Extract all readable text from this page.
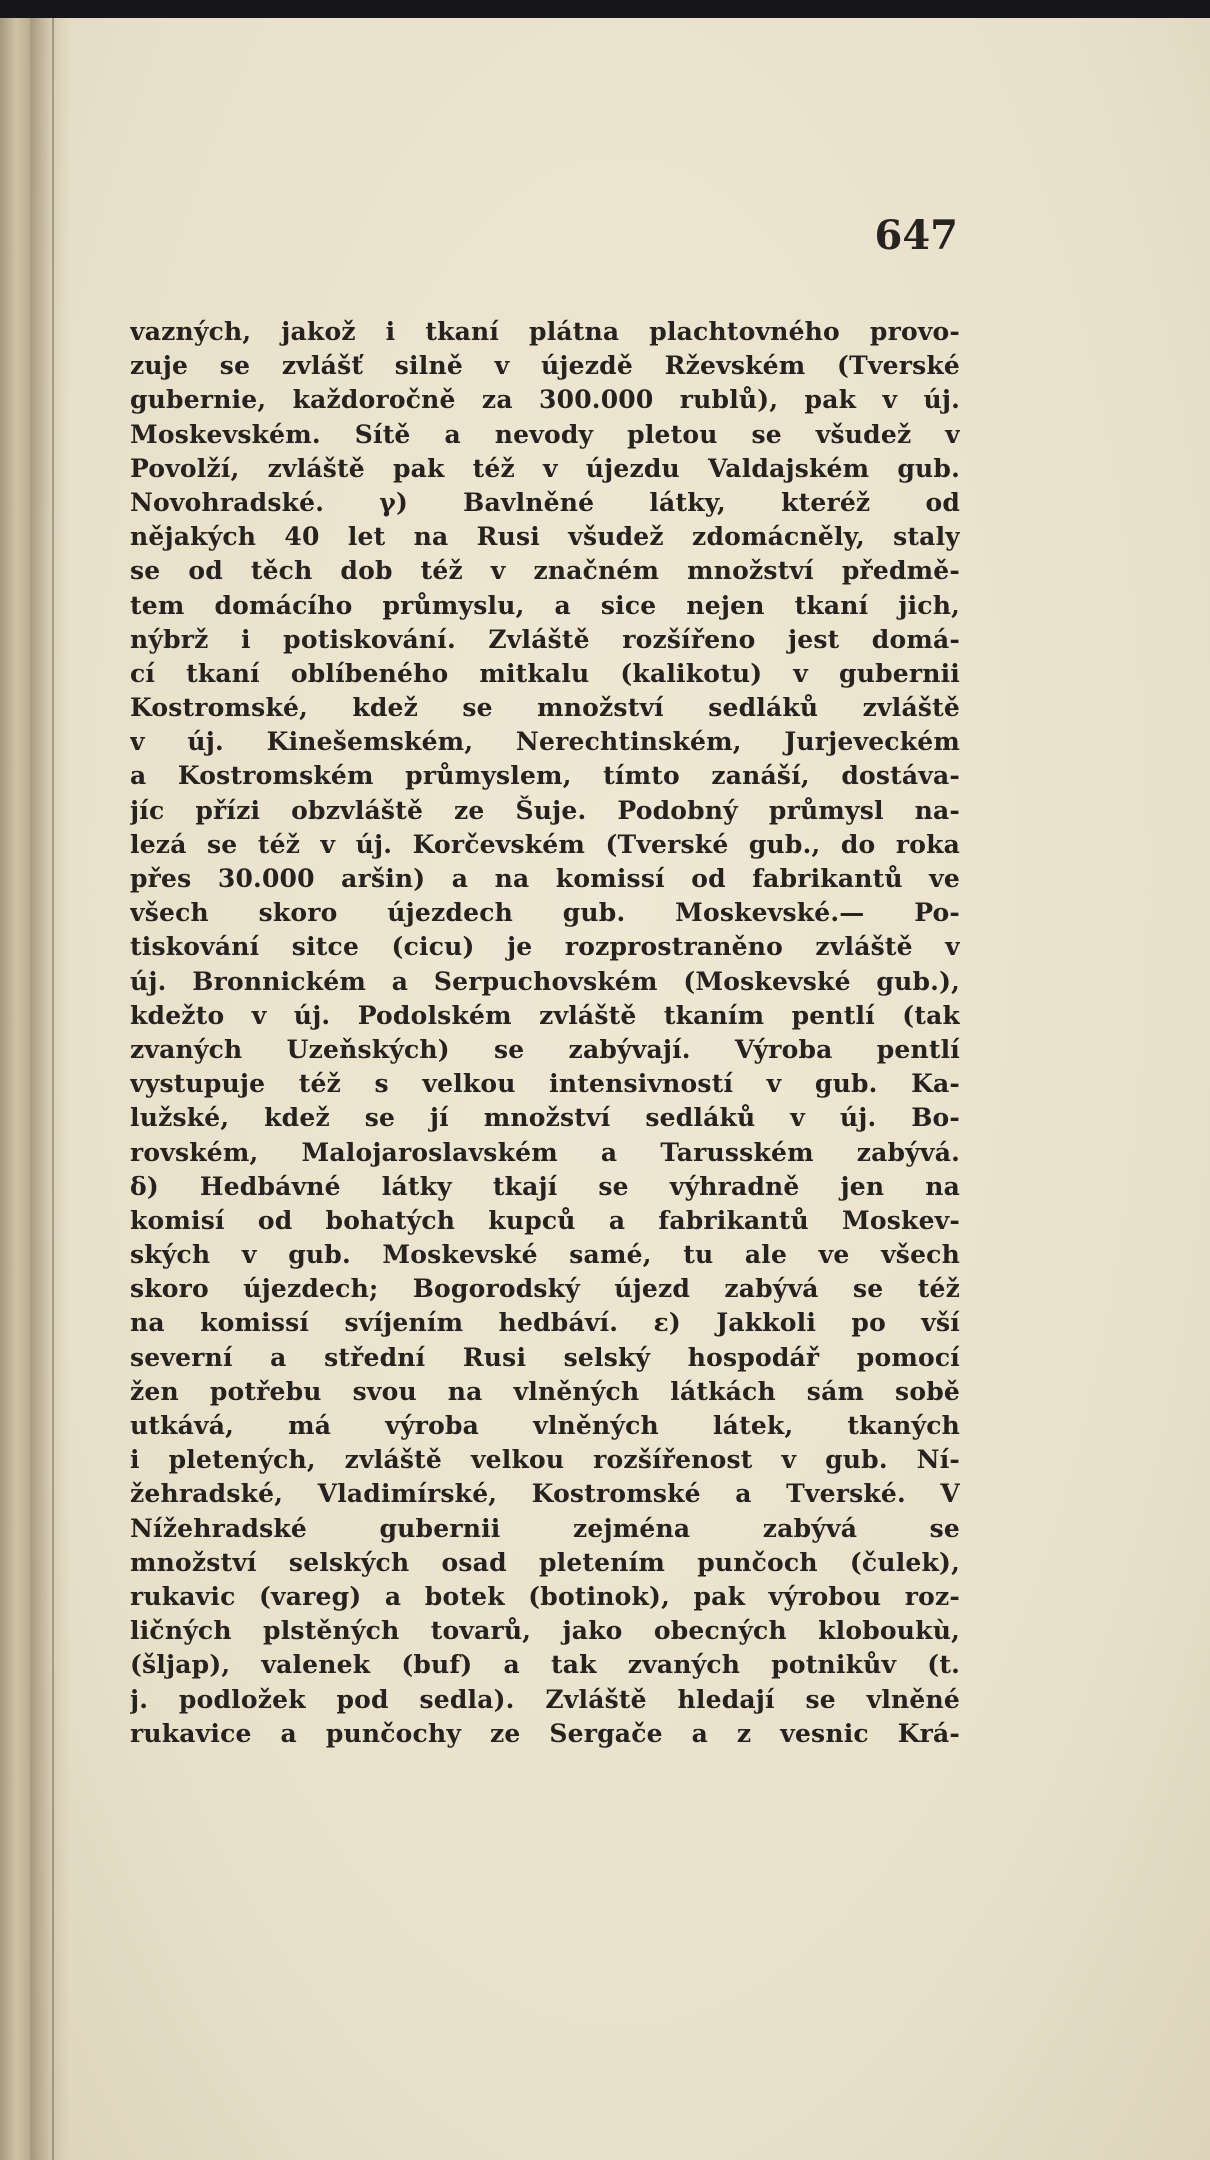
647
vazných, jakož i tkaní plátna plachtovného provo-
zuje se zvlášť silně v újezdě Rževském (Tverské
gubernie, každoročně za 300.000 rublů), pak v új.
Moskevském. Sítě a nevody pletou se všudež v
Povolží, zvláště pak též v újezdu Valdajském gub.
Novohradské. γ) Bavlněné látky, kteréž od
nějakých 40 let na Rusi všudež zdomácněly, staly
se od těch dob též v značném množství předmě-
tem domácího průmyslu, a sice nejen tkaní jich,
nýbrž i potiskování. Zvláště rozšířeno jest domá-
cí tkaní oblíbeného mitkalu (kalikotu) v gubernii
Kostromské, kdež se množství sedláků zvláště
v új. Kinešemském, Nerechtinském, Jurjeveckém
a Kostromském průmyslem, tímto zanáší, dostáva-
jíc přízi obzvláště ze Šuje. Podobný průmysl na-
lezá se též v új. Korčevském (Tverské gub., do roka
přes 30.000 aršin) a na komissí od fabrikantů ve
všech skoro újezdech gub. Moskevské.— Po-
tiskování sitce (cicu) je rozprostraněno zvláště v
új. Bronnickém a Serpuchovském (Moskevské gub.),
kdežto v új. Podolském zvláště tkaním pentlí (tak
zvaných Uzeňských) se zabývají. Výroba pentlí
vystupuje též s velkou intensivností v gub. Ka-
lužské, kdež se jí množství sedláků v új. Bo-
rovském, Malojaroslavském a Tarusském zabývá.
δ) Hedbávné látky tkají se výhradně jen na
komisí od bohatých kupců a fabrikantů Moskev-
ských v gub. Moskevské samé, tu ale ve všech
skoro újezdech; Bogorodský újezd zabývá se též
na komissí svíjením hedbáví. ε) Jakkoli po vší
severní a střední Rusi selský hospodář pomocí
žen potřebu svou na vlněných látkách sám sobě
utkává, má výroba vlněných látek, tkaných
i pletených, zvláště velkou rozšířenost v gub. Ní-
žehradské, Vladimírské, Kostromské a Tverské. V
Nížehradské gubernii zejména zabývá se
množství selských osad pletením punčoch (čulek),
rukavic (vareg) a botek (botinok), pak výrobou roz-
ličných plstěných tovarů, jako obecných kloboukù,
(šljap), valenek (buf) a tak zvaných potnikův (t.
j. podložek pod sedla). Zvláště hledají se vlněné
rukavice a punčochy ze Sergače a z vesnic Krá-
